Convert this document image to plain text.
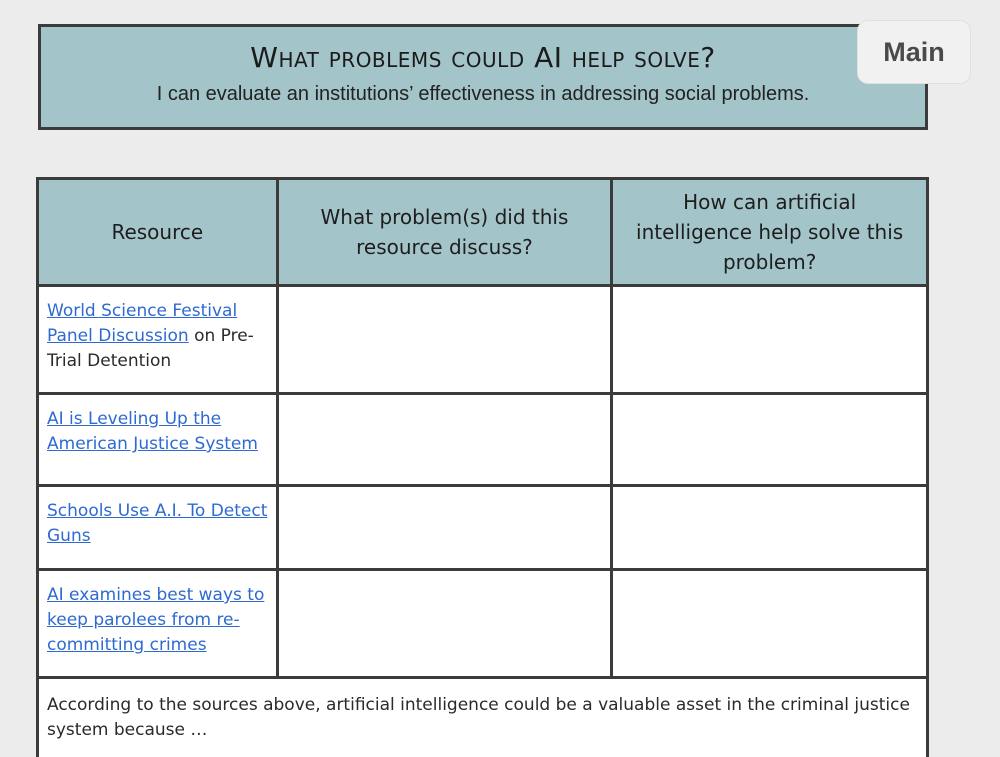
What problems could AI help solve?
I can evaluate an institutions’ effectiveness in addressing social problems.
Main
Resource	What problem(s) did this resource discuss?	How can artificial intelligence help solve this problem?
World Science Festival Panel Discussion on Pre-Trial Detention		
AI is Leveling Up the American Justice System		
Schools Use A.I. To Detect Guns		
AI examines best ways to keep parolees from re-committing crimes		
According to the sources above, artificial intelligence could be a valuable asset in the criminal justice system because …		
